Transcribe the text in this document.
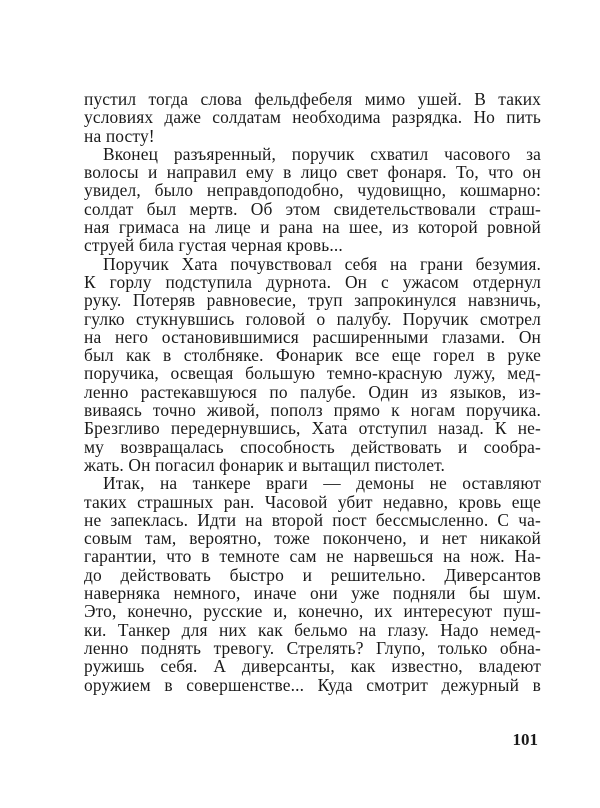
пустил тогда слова фельдфебеля мимо ушей. В таких
условиях даже солдатам необходима разрядка. Но пить
на посту!
Вконец разъяренный, поручик схватил часового за
волосы и направил ему в лицо свет фонаря. То, что он
увидел, было неправдоподобно, чудовищно, кошмарно:
солдат был мертв. Об этом свидетельствовали страш-
ная гримаса на лице и рана на шее, из которой ровной
струей била густая черная кровь...
Поручик Хата почувствовал себя на грани безумия.
К горлу подступила дурнота. Он с ужасом отдернул
руку. Потеряв равновесие, труп запрокинулся навзничь,
гулко стукнувшись головой о палубу. Поручик смотрел
на него остановившимися расширенными глазами. Он
был как в столбняке. Фонарик все еще горел в руке
поручика, освещая большую темно-красную лужу, мед-
ленно растекавшуюся по палубе. Один из языков, из-
виваясь точно живой, пополз прямо к ногам поручика.
Брезгливо передернувшись, Хата отступил назад. К не-
му возвращалась способность действовать и сообра-
жать. Он погасил фонарик и вытащил пистолет.
Итак, на танкере враги — демоны не оставляют
таких страшных ран. Часовой убит недавно, кровь еще
не запеклась. Идти на второй пост бессмысленно. С ча-
совым там, вероятно, тоже покончено, и нет никакой
гарантии, что в темноте сам не нарвешься на нож. На-
до действовать быстро и решительно. Диверсантов
наверняка немного, иначе они уже подняли бы шум.
Это, конечно, русские и, конечно, их интересуют пуш-
ки. Танкер для них как бельмо на глазу. Надо немед-
ленно поднять тревогу. Стрелять? Глупо, только обна-
ружишь себя. А диверсанты, как известно, владеют
оружием в совершенстве... Куда смотрит дежурный в
101
